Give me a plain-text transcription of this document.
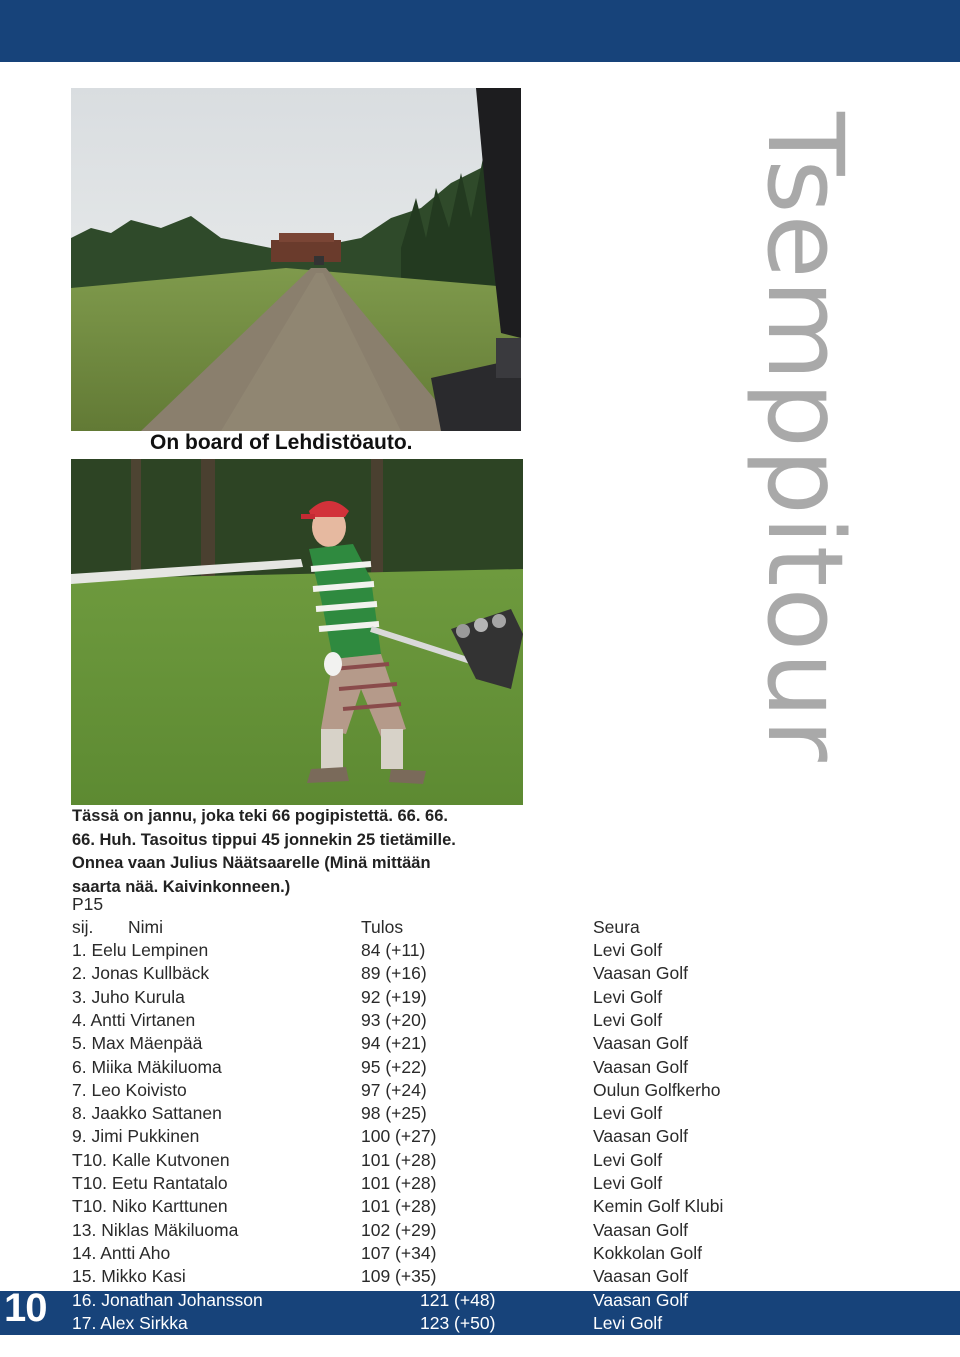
On board of Lehdistöauto.
Tässä on jannu, joka teki 66 pogipistettä. 66. 66.
66. Huh. Tasoitus tippui 45 jonnekin 25 tietämille.
Onnea vaan Julius Näätsaarelle (Minä mittään
saarta nää. Kaivinkonneen.)
Tsemppitour
P15
sij. Nimi	Tulos	Seura
1. Eelu Lempinen	84 (+11)	Levi Golf
2. Jonas Kullbäck	89 (+16)	Vaasan Golf
3. Juho Kurula	92 (+19)	Levi Golf
4. Antti Virtanen	93 (+20)	Levi Golf
5. Max Mäenpää	94 (+21)	Vaasan Golf
6. Miika Mäkiluoma	95 (+22)	Vaasan Golf
7. Leo Koivisto	97 (+24)	Oulun Golfkerho
8. Jaakko Sattanen	98 (+25)	Levi Golf
9. Jimi Pukkinen	100 (+27)	Vaasan Golf
T10. Kalle Kutvonen	101 (+28)	Levi Golf
T10. Eetu Rantatalo	101 (+28)	Levi Golf
T10. Niko Karttunen	101 (+28)	Kemin Golf Klubi
13. Niklas Mäkiluoma	102 (+29)	Vaasan Golf
14. Antti Aho	107 (+34)	Kokkolan Golf
15. Mikko Kasi	109 (+35)	Vaasan Golf
10	16. Jonathan Johansson	121 (+48)	Vaasan Golf
17. Alex Sirkka	123 (+50)	Levi Golf
